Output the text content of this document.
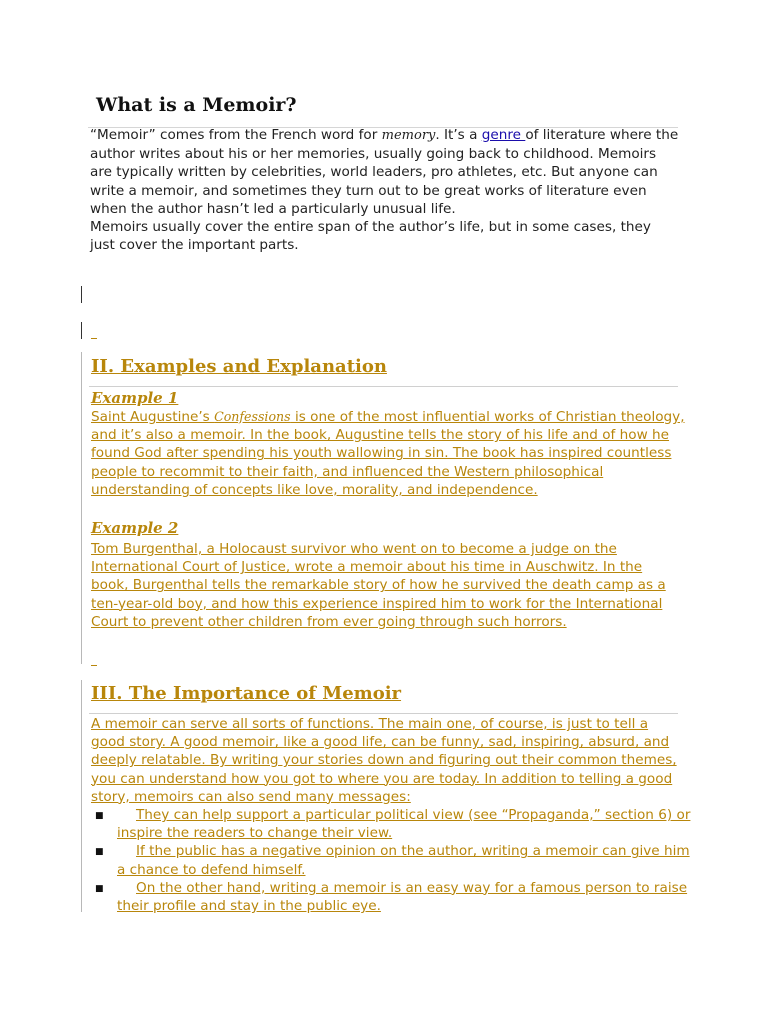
What is a Memoir?

“Memoir” comes from the French word for memory. It’s a genre of literature where the author writes about his or her memories, usually going back to childhood. Memoirs are typically written by celebrities, world leaders, pro athletes, etc. But anyone can write a memoir, and sometimes they turn out to be great works of literature even when the author hasn’t led a particularly unusual life.

Memoirs usually cover the entire span of the author’s life, but in some cases, they just cover the important parts.

II. Examples and Explanation
Example 1

Saint Augustine’s Confessions is one of the most influential works of Christian theology, and it’s also a memoir. In the book, Augustine tells the story of his life and of how he found God after spending his youth wallowing in sin. The book has inspired countless people to recommit to their faith, and influenced the Western philosophical understanding of concepts like love, morality, and independence.

Example 2

Tom Burgenthal, a Holocaust survivor who went on to become a judge on the International Court of Justice, wrote a memoir about his time in Auschwitz. In the book, Burgenthal tells the remarkable story of how he survived the death camp as a ten-year-old boy, and how this experience inspired him to work for the International Court to prevent other children from ever going through such horrors.

III. The Importance of Memoir

A memoir can serve all sorts of functions. The main one, of course, is just to tell a good story. A good memoir, like a good life, can be funny, sad, inspiring, absurd, and deeply relatable. By writing your stories down and figuring out their common themes, you can understand how you got to where you are today. In addition to telling a good story, memoirs can also send many messages:

■	They can help support a particular political view (see “Propaganda,” section 6) or inspire the readers to change their view.
■	If the public has a negative opinion on the author, writing a memoir can give him a chance to defend himself.
■	On the other hand, writing a memoir is an easy way for a famous person to raise their profile and stay in the public eye.
